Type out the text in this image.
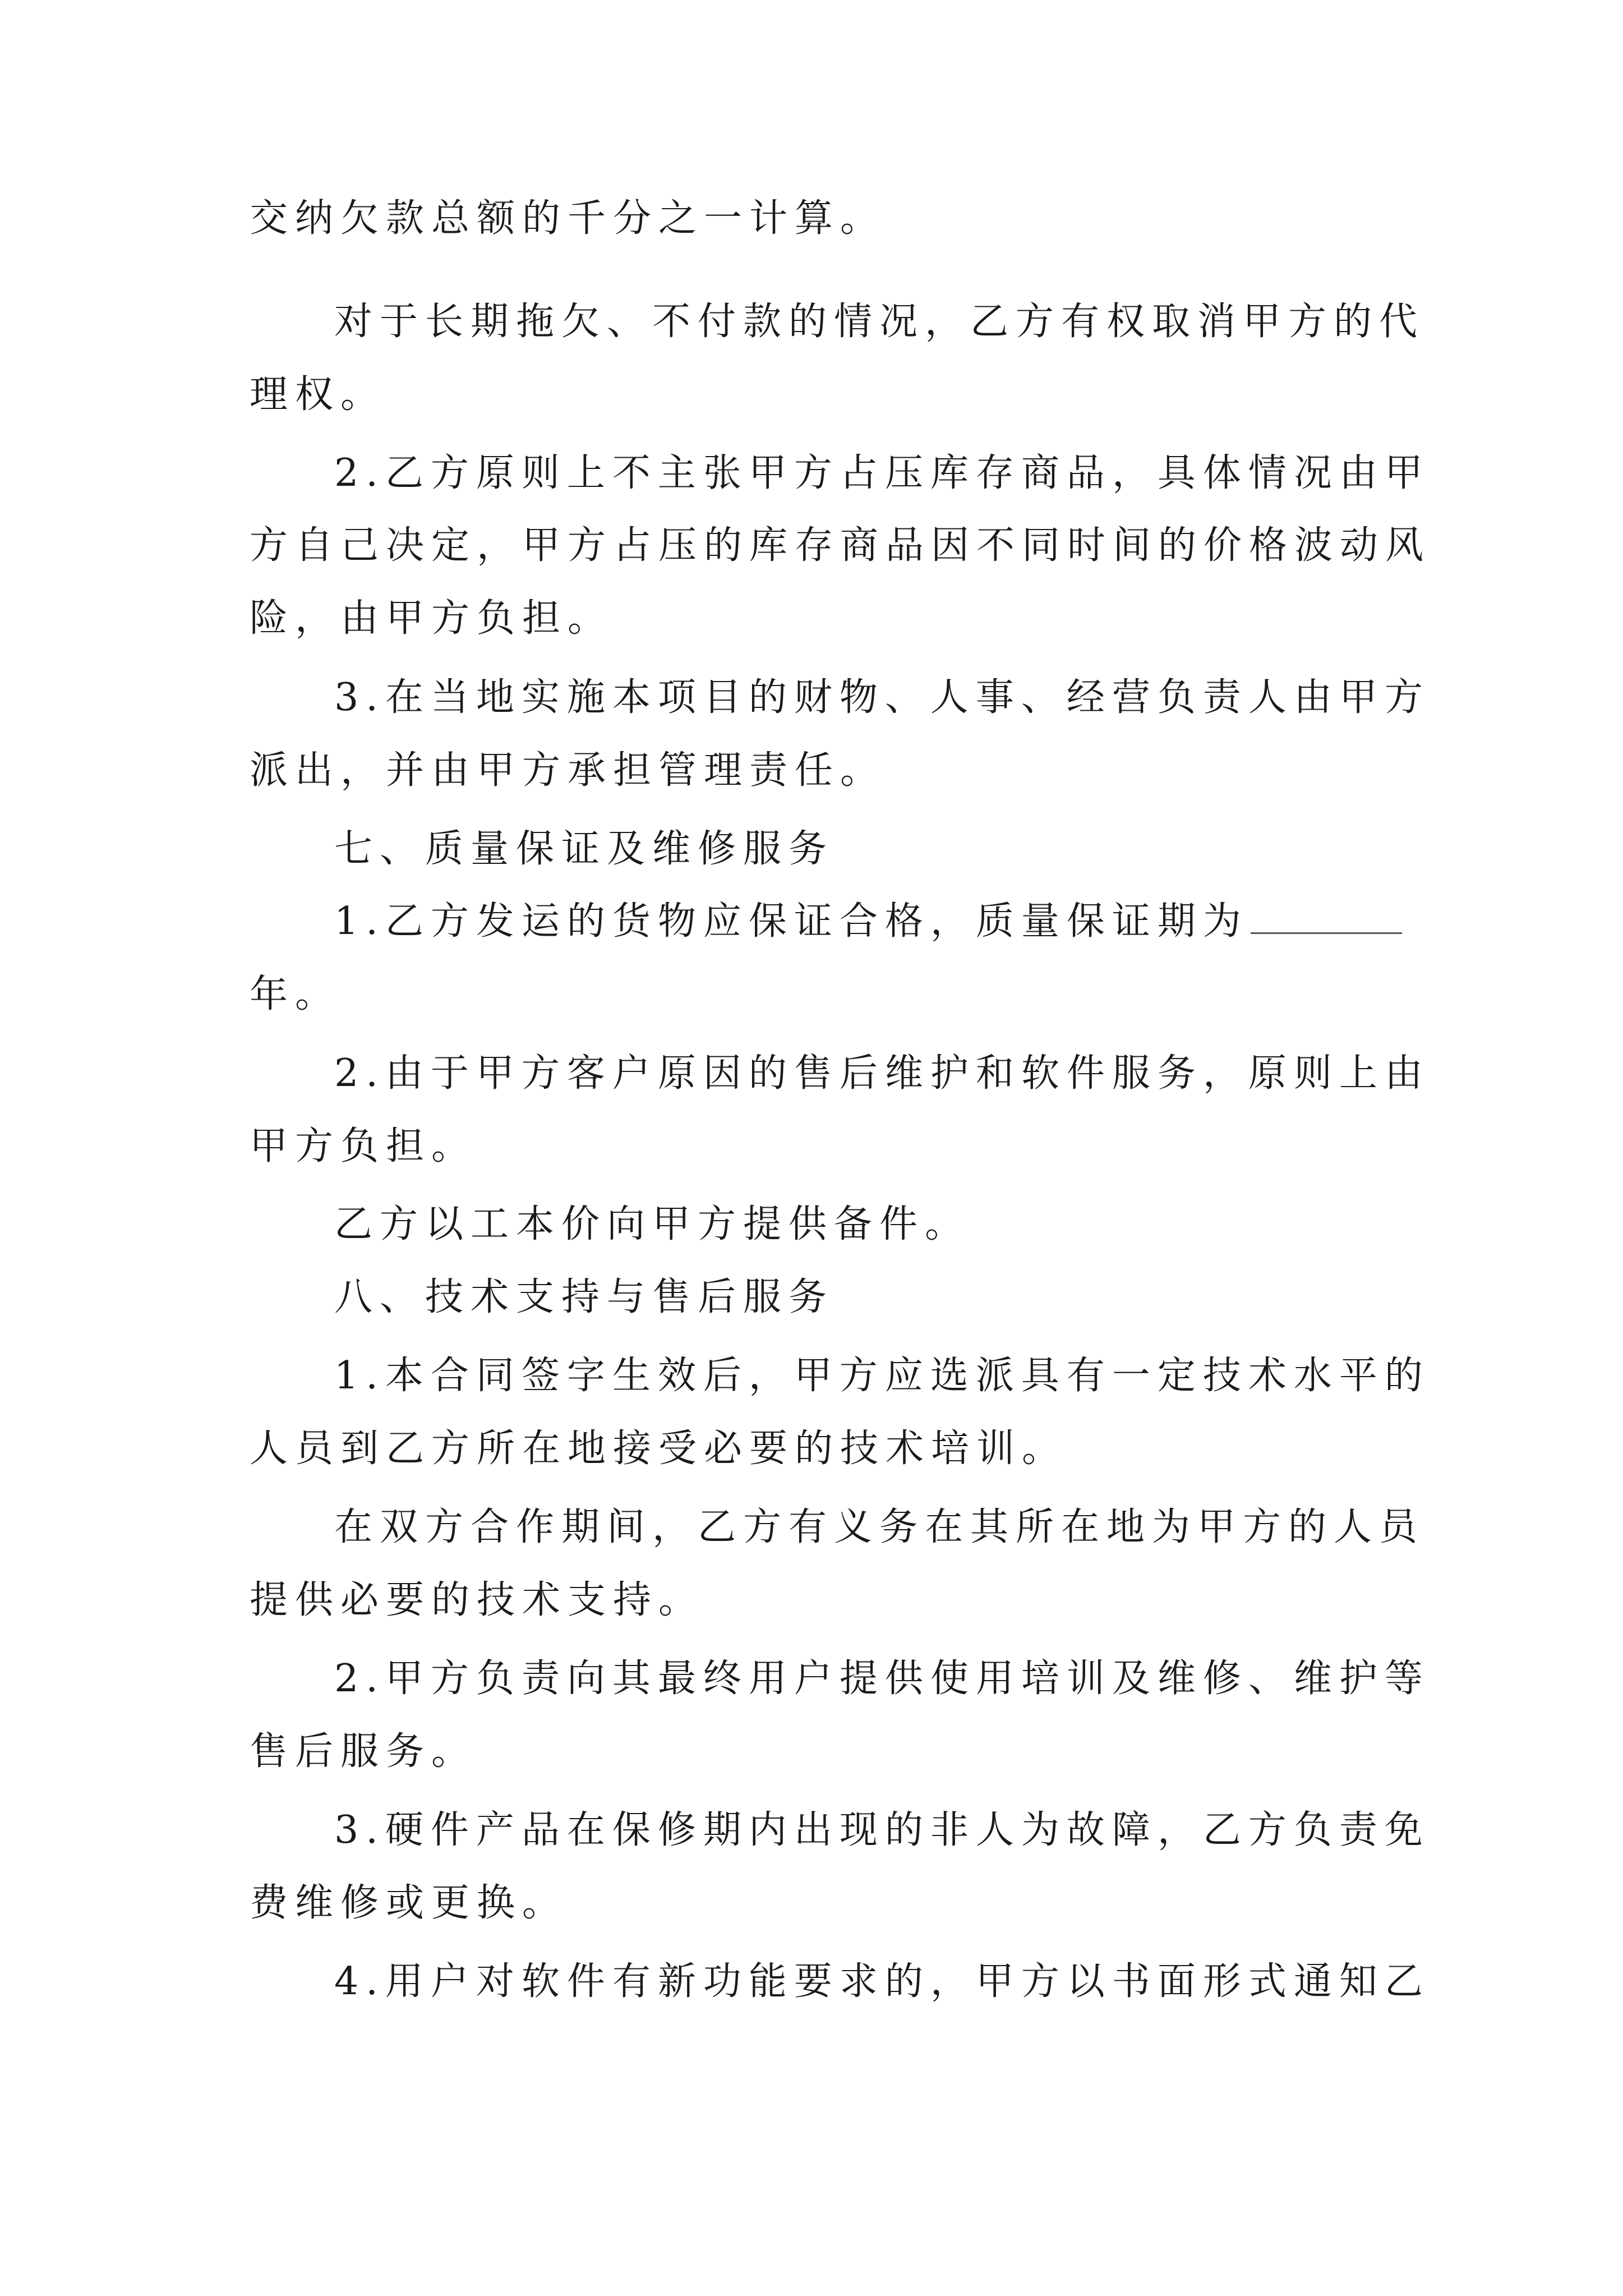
交纳欠款总额的千分之一计算。

对于长期拖欠、不付款的情况，乙方有权取消甲方的代

理权。

2.乙方原则上不主张甲方占压库存商品，具体情况由甲

方自己决定，甲方占压的库存商品因不同时间的价格波动风

险，由甲方负担。

3.在当地实施本项目的财物、人事、经营负责人由甲方

派出，并由甲方承担管理责任。

七、质量保证及维修服务

1.乙方发运的货物应保证合格，质量保证期为

年。

2.由于甲方客户原因的售后维护和软件服务，原则上由

甲方负担。

乙方以工本价向甲方提供备件。

八、技术支持与售后服务

1.本合同签字生效后，甲方应选派具有一定技术水平的

人员到乙方所在地接受必要的技术培训。

在双方合作期间，乙方有义务在其所在地为甲方的人员

提供必要的技术支持。

2.甲方负责向其最终用户提供使用培训及维修、维护等

售后服务。

3.硬件产品在保修期内出现的非人为故障，乙方负责免

费维修或更换。

4.用户对软件有新功能要求的，甲方以书面形式通知乙
